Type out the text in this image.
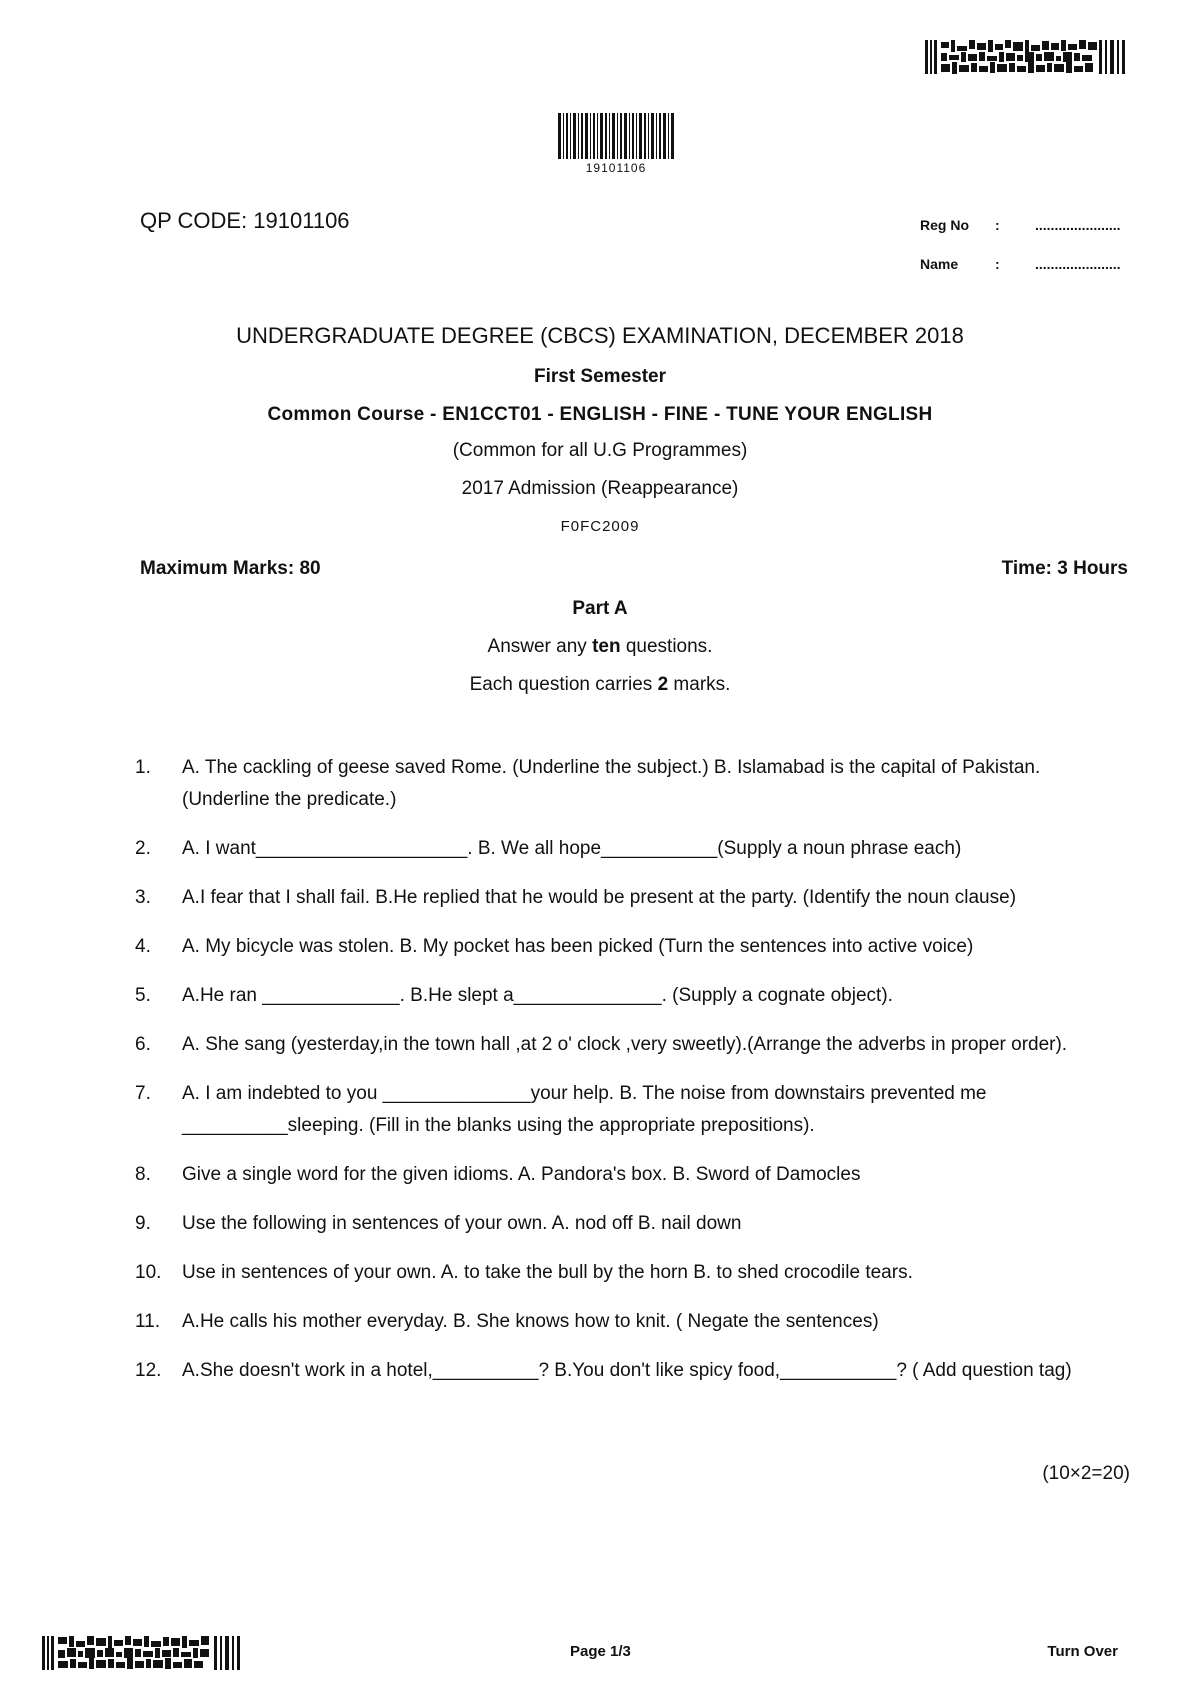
19101106
QP CODE: 19101106	Reg No :	......................
Name	:	......................
UNDERGRADUATE DEGREE (CBCS) EXAMINATION, DECEMBER 2018
First Semester
Common Course - EN1CCT01 - ENGLISH - FINE - TUNE YOUR ENGLISH
(Common for all U.G Programmes)
2017 Admission (Reappearance)
F0FC2009
Maximum Marks: 80	Time: 3 Hours
Part A
Answer any ten questions.
Each question carries 2 marks.
1.	A. The cackling of geese saved Rome. (Underline the subject.) B. Islamabad is the capital of Pakistan. (Underline the predicate.)
2.	A. I want____________________. B. We all hope___________(Supply a noun phrase each)
3.	A.I fear that I shall fail. B.He replied that he would be present at the party. (Identify the noun clause)
4.	A. My bicycle was stolen. B. My pocket has been picked (Turn the sentences into active voice)
5.	A.He ran _____________. B.He slept a______________. (Supply a cognate object).
6.	A. She sang (yesterday,in the town hall ,at 2 o' clock ,very sweetly).(Arrange the adverbs in proper order).
7.	A. I am indebted to you ______________your help. B. The noise from downstairs prevented me __________sleeping. (Fill in the blanks using the appropriate prepositions).
8.	Give a single word for the given idioms. A. Pandora's box. B. Sword of Damocles
9.	Use the following in sentences of your own. A. nod off B. nail down
10.	Use in sentences of your own. A. to take the bull by the horn B. to shed crocodile tears.
11.	A.He calls his mother everyday. B. She knows how to knit. ( Negate the sentences)
12.	A.She doesn't work in a hotel,__________? B.You don't like spicy food,___________? ( Add question tag)
(10×2=20)
Page 1/3	Turn Over
